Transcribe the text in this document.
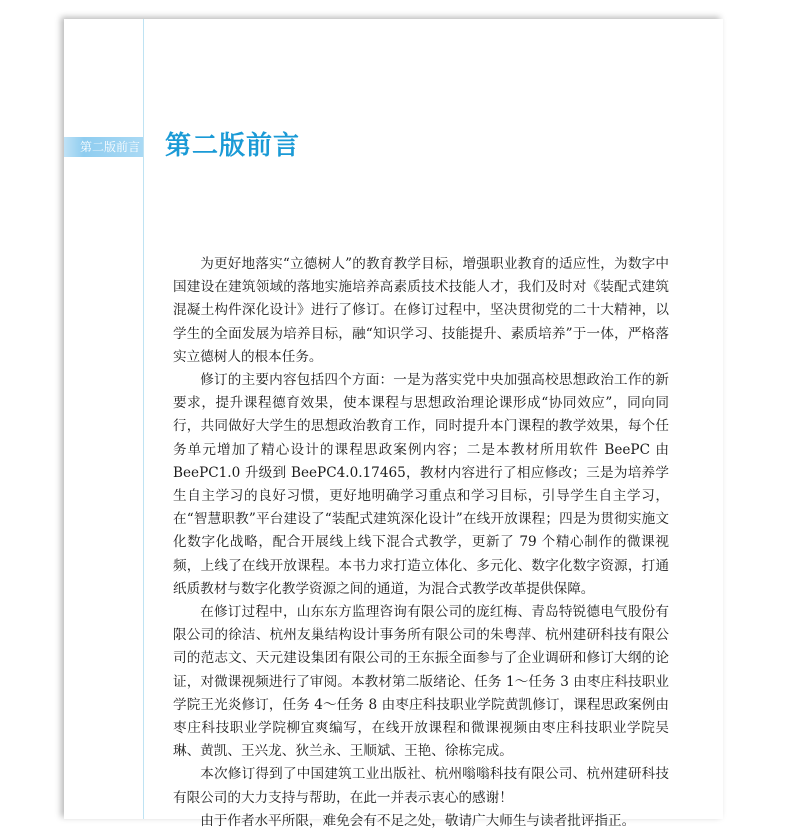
第二版前言 第二版前言

为更好地落实“立德树人”的教育教学目标，增强职业教育的适应性，为数字中国建设在建筑领域的落地实施培养高素质技术技能人才，我们及时对《装配式建筑混凝土构件深化设计》进行了修订。在修订过程中，坚决贯彻党的二十大精神，以学生的全面发展为培养目标，融“知识学习、技能提升、素质培养”于一体，严格落实立德树人的根本任务。

修订的主要内容包括四个方面：一是为落实党中央加强高校思想政治工作的新要求，提升课程德育效果，使本课程与思想政治理论课形成“协同效应”，同向同行，共同做好大学生的思想政治教育工作，同时提升本门课程的教学效果，每个任务单元增加了精心设计的课程思政案例内容；二是本教材所用软件 BeePC 由 BeePC1.0 升级到 BeePC4.0.17465，教材内容进行了相应修改；三是为培养学生自主学习的良好习惯，更好地明确学习重点和学习目标，引导学生自主学习，在“智慧职教”平台建设了“装配式建筑深化设计”在线开放课程；四是为贯彻实施文化数字化战略，配合开展线上线下混合式教学，更新了 79 个精心制作的微课视频，上线了在线开放课程。本书力求打造立体化、多元化、数字化数字资源，打通纸质教材与数字化教学资源之间的通道，为混合式教学改革提供保障。

在修订过程中，山东东方监理咨询有限公司的庞红梅、青岛特锐德电气股份有限公司的徐洁、杭州友巢结构设计事务所有限公司的朱粤萍、杭州建研科技有限公司的范志文、天元建设集团有限公司的王东振全面参与了企业调研和修订大纲的论证，对微课视频进行了审阅。本教材第二版绪论、任务 1～任务 3 由枣庄科技职业学院王光炎修订，任务 4～任务 8 由枣庄科技职业学院黄凯修订，课程思政案例由枣庄科技职业学院柳宜爽编写，在线开放课程和微课视频由枣庄科技职业学院吴琳、黄凯、王兴龙、狄兰永、王顺斌、王艳、徐栋完成。

本次修订得到了中国建筑工业出版社、杭州嗡嗡科技有限公司、杭州建研科技有限公司的大力支持与帮助，在此一并表示衷心的感谢！

由于作者水平所限，难免会有不足之处，敬请广大师生与读者批评指正。
